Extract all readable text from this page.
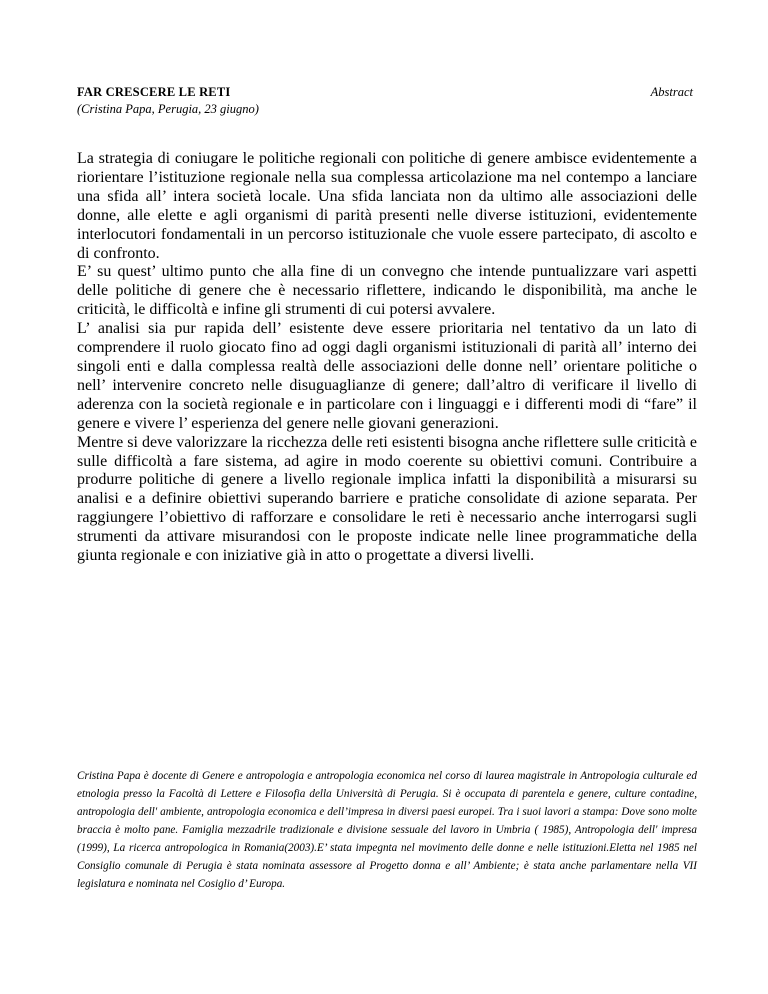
FAR CRESCERE LE RETI
(Cristina Papa, Perugia, 23 giugno)
Abstract

La strategia di coniugare le politiche regionali con politiche di genere ambisce evidentemente a riorientare l’istituzione regionale nella sua complessa articolazione ma nel contempo a lanciare una sfida all’ intera società locale. Una sfida lanciata non da ultimo alle associazioni delle donne, alle elette e agli organismi di parità presenti nelle diverse istituzioni, evidentemente interlocutori fondamentali in un percorso istituzionale che vuole essere partecipato, di ascolto e di confronto.

E’ su quest’ ultimo punto che alla fine di un convegno che intende puntualizzare vari aspetti delle politiche di genere che è necessario riflettere, indicando le disponibilità, ma anche le criticità, le difficoltà e infine gli strumenti di cui potersi avvalere.

L’ analisi sia pur rapida dell’ esistente deve essere prioritaria nel tentativo da un lato di comprendere il ruolo giocato fino ad oggi dagli organismi istituzionali di parità all’ interno dei singoli enti e dalla complessa realtà delle associazioni delle donne nell’ orientare politiche o nell’ intervenire concreto nelle disuguaglianze di genere; dall’altro di verificare il livello di aderenza con la società regionale e in particolare con i linguaggi e i differenti modi di “fare” il genere e vivere l’ esperienza del genere nelle giovani generazioni.

Mentre si deve valorizzare la ricchezza delle reti esistenti bisogna anche riflettere sulle criticità e sulle difficoltà a fare sistema, ad agire in modo coerente su obiettivi comuni. Contribuire a produrre politiche di genere a livello regionale implica infatti la disponibilità a misurarsi su analisi e a definire obiettivi superando barriere e pratiche consolidate di azione separata. Per raggiungere l’obiettivo di rafforzare e consolidare le reti è necessario anche interrogarsi sugli strumenti da attivare misurandosi con le proposte indicate nelle linee programmatiche della giunta regionale e con iniziative già in atto o progettate a diversi livelli.

Cristina Papa è docente di Genere e antropologia e antropologia economica nel corso di laurea magistrale in Antropologia culturale ed etnologia presso la Facoltà di Lettere e Filosofia della Università di Perugia. Si è occupata di parentela e genere, culture contadine, antropologia dell' ambiente, antropologia economica e dell’impresa in diversi paesi europei. Tra i suoi lavori a stampa: Dove sono molte braccia è molto pane. Famiglia mezzadrile tradizionale e divisione sessuale del lavoro in Umbria ( 1985), Antropologia dell' impresa (1999), La ricerca antropologica in Romania(2003).E’ stata impegnta nel movimento delle donne e nelle istituzioni.Eletta nel 1985 nel Consiglio comunale di Perugia è stata nominata assessore al Progetto donna e all’ Ambiente; è stata anche parlamentare nella VII legislatura e nominata nel Cosiglio d’ Europa.
